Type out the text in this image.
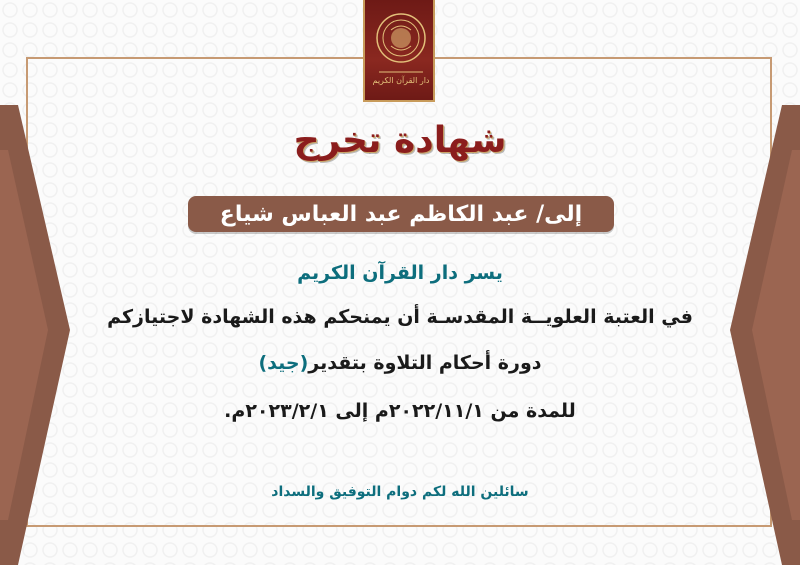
دار القرآن الكريم
شهادة تخرج
إلى/ عبد الكاظم عبد العباس شياع
يسر دار القرآن الكريم
في العتبة العلويــة المقدسـة أن يمنحكم هذه الشهادة لاجتيازكم
دورة أحكام التلاوة بتقدير(جيد)
للمدة من ٢٠٢٢/١١/١م إلى ٢٠٢٣/٢/١م.
سائلين الله لكم دوام التوفيق والسداد
